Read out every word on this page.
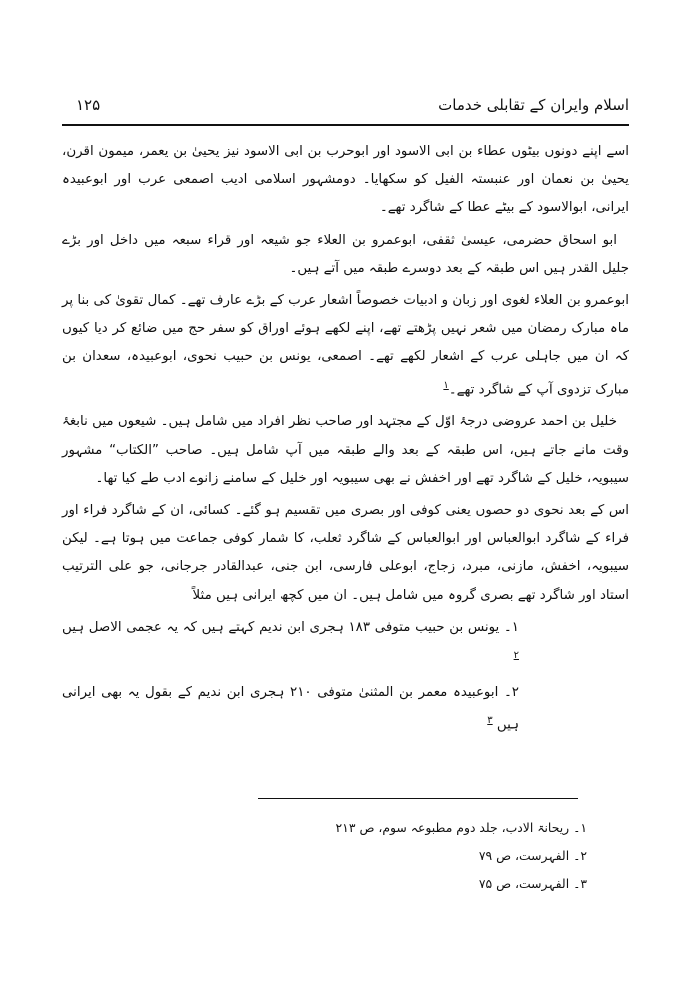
اسلام وایران کے تقابلی خدمات
۱۲۵

اسے اپنے دونوں بیٹوں عطاء بن ابی الاسود اور ابوحرب بن ابی الاسود نیز یحییٰ بن یعمر، میمون اقرن، یحییٰ بن نعمان اور عنبستہ الفیل کو سکھایا۔ دومشہور اسلامی ادیب اصمعی عرب اور ابوعبیدہ ایرانی، ابوالاسود کے بیٹے عطا کے شاگرد تھے۔

ابو اسحاق حضرمی، عیسیٰ ثقفی، ابوعمرو بن العلاء جو شیعہ اور قراء سبعہ میں داخل اور بڑے جلیل القدر ہیں اس طبقہ کے بعد دوسرے طبقہ میں آتے ہیں۔

ابوعمرو بن العلاء لغوی اور زبان و ادبیات خصوصاً اشعار عرب کے بڑے عارف تھے۔ کمال تقویٰ کی بنا پر ماہ مبارک رمضان میں شعر نہیں پڑھتے تھے، اپنے لکھے ہوئے اوراق کو سفر حج میں ضائع کر دیا کیوں کہ ان میں جاہلی عرب کے اشعار لکھے تھے۔ اصمعی، یونس بن حبیب نحوی، ابوعبیدہ، سعدان بن مبارک تزدوی آپ کے شاگرد تھے۔$^۱$

خلیل بن احمد عروضی درجۂ اوّل کے مجتہد اور صاحب نظر افراد میں شامل ہیں۔ شیعوں میں نابغۂ وقت مانے جاتے ہیں، اس طبقہ کے بعد والے طبقہ میں آپ شامل ہیں۔ صاحب ”الکتاب“ مشہور سیبویہ، خلیل کے شاگرد تھے اور اخفش نے بھی سیبویہ اور خلیل کے سامنے زانوے ادب طے کیا تھا۔

اس کے بعد نحوی دو حصوں یعنی کوفی اور بصری میں تقسیم ہو گئے۔ کسائی، ان کے شاگرد فراء اور فراء کے شاگرد ابوالعباس اور ابوالعباس کے شاگرد ثعلب، کا شمار کوفی جماعت میں ہوتا ہے۔ لیکن سیبویہ، اخفش، مازنی، مبرد، زجاج، ابوعلی فارسی، ابن جنی، عبدالقادر جرجانی، جو علی الترتیب استاد اور شاگرد تھے بصری گروہ میں شامل ہیں۔ ان میں کچھ ایرانی ہیں مثلاً

۱۔ یونس بن حبیب متوفی ۱۸۳ ہجری ابن ندیم کہتے ہیں کہ یہ عجمی الاصل ہیں $^۲$

۲۔ ابوعبیدہ معمر بن المثنیٰ متوفی ۲۱۰ ہجری ابن ندیم کے بقول یہ بھی ایرانی ہیں $^۳$

۱۔ ریحانۃ الادب، جلد دوم مطبوعہ سوم، ص ۲۱۳
۲۔ الفہرست، ص ۷۹
۳۔ الفہرست، ص ۷۵
